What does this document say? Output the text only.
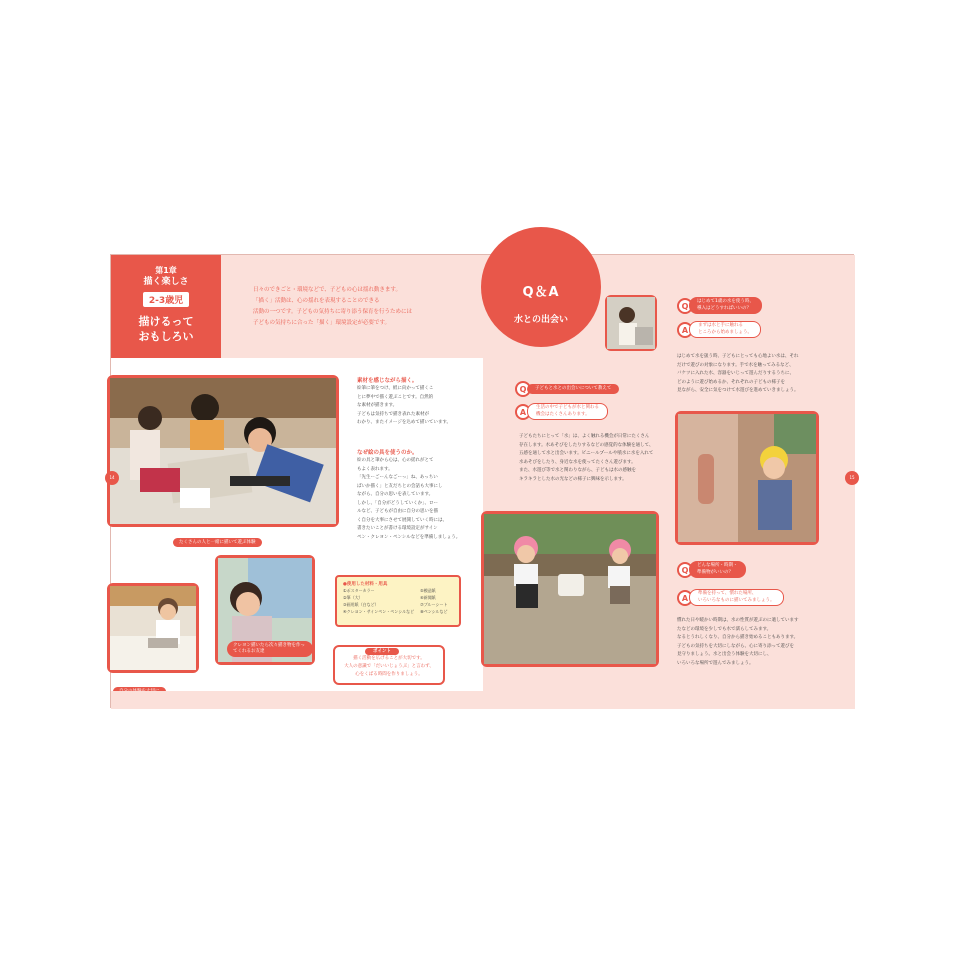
第1章
描く楽しさ
2-3歳児
描けるって
おもしろい

日々のできごと・環境などで、子どもの心は揺れ動きます。

「描く」活動は、心の揺れを表現することのできる

活動の一つです。子どもの気持ちに寄り添う保育を行うためには

子どもの気持ちに合った「描く」環境設定が必要です。

たくさんの人と一緒に描いて遊ぶ体験
クレヨン描いたら次々描き物を作ってくれるお友達
素材を感じながら描く。

絵筆に筆をつけ、紙に向かって描くこ

とに夢中で描く遊ぶことです。自然的

な素材が描きます。

子どもは気持ちで描き表れた素材が

わかり、またイメージを込めて描いています。

なぜ絵の具を使うのか。

絵の具と筆から心は、心の揺れがとて

もよく表れます。

「先生ーごーんなごーっ」ね、あっちい

ぱいか描く」と友だちとの会話も大事にし

ながら、自分の思いを表しています。

しかし、「自分がどうしていくか」、ロー

ルなど、子どもが自由に自分の思いを描

く自分を大事にさせて展開していく時には、

書きたいことが書ける環境設定がサイン

ペン・クレヨン・ペンシルなどを準備しましょう。

●使用した材料・用具
①ポスターカラー	⑤模造紙
②筆（大）	⑥新聞紙
③画用紙（白など）	⑦ブルーシート
④クレヨン・サインペン・ペンシルなど ⑧ペンシルなど
描く活動を広げることが大切です。
大人の意識で「だいいじょうぶ」と言わず、
心をくばる時間を作りましょう。
ポイント
14
Q＆A
水との出会い
Q	子どもと水との出会いについて教えて
A	生活の中で子どもが水と関わる
機会はたくさんあります。

子どもたちにとって「水」は、よく触れる機会が日常にたくさん

存在します。水あそびをしたりするなどの感覚的な体験を通して、

五感を通して水と出会います。ビニールプールや噴水に水を入れて

水あそびをしたり、身近な水を使ってたくさん遊びます。

また、水遊び等で水と関わりながら、子どもは水の感触を

キラキラとした水の光などの様子に興味を示します。

Q	はじめて1歳の水を使う時、
導入はどうすればいいの？
A	まずは水と手に触れる
ところから始めましょう。

はじめて水を扱う時、子どもにとっても心地よい水は、それ

だけで遊びの対象になります。手で水を触ってみるなど、

バケツに入れた水、容器をいじって遊んだりするうちに、

どのように遊び始めるか、それぞれの子どもの様子を

見ながら、安全に気をつけて水遊びを進めていきましょう。

Q	どんな場所・時期・
準備物がいいの？
A	準備を持って、慣れた場所、
いろいろなものに描いてみましょう。

慣れた日や暖かい時期は、水の性質が遊ぶのに適しています

たなどの環境を少しでも水で濡らしてみます。

なるとうれしくなり、自分から描き始めることもあります。

子どもの気持ちを大切にしながら、心に寄り添って遊びを

見守りましょう。水と出会う体験を大切にし、

いろいろな場所で遊んでみましょう。

15
